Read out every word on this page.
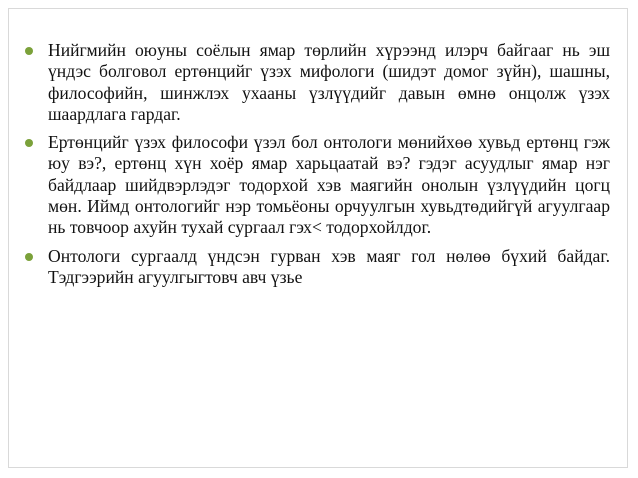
Нийгмийн оюуны соёлын ямар төрлийн хүрээнд илэрч байгааг нь эш үндэс болговол ертөнцийг үзэх мифологи (шидэт домог зүйн), шашны, философийн, шинжлэх ухааны үзлүүдийг давын өмнө онцолж үзэх шаардлага гардаг.
Ертөнцийг үзэх философи үзэл бол онтологи мөнийхөө хувьд ертөнц гэж юу вэ?, ертөнц хүн хоёр ямар харьцаатай вэ? гэдэг асуудлыг ямар нэг байдлаар шийдвэрлэдэг тодорхой хэв маягийн онолын үзлүүдийн цогц мөн. Иймд онтологийг нэр томьёоны орчуулгын хувьдтөдийгүй агуулгаар нь товчоор ахуйн тухай сургаал гэх< тодорхойлдог.
Онтологи сургаалд үндсэн гурван хэв маяг гол нөлөө бүхий байдаг. Тэдгээрийн агуулгыгтовч авч үзье
